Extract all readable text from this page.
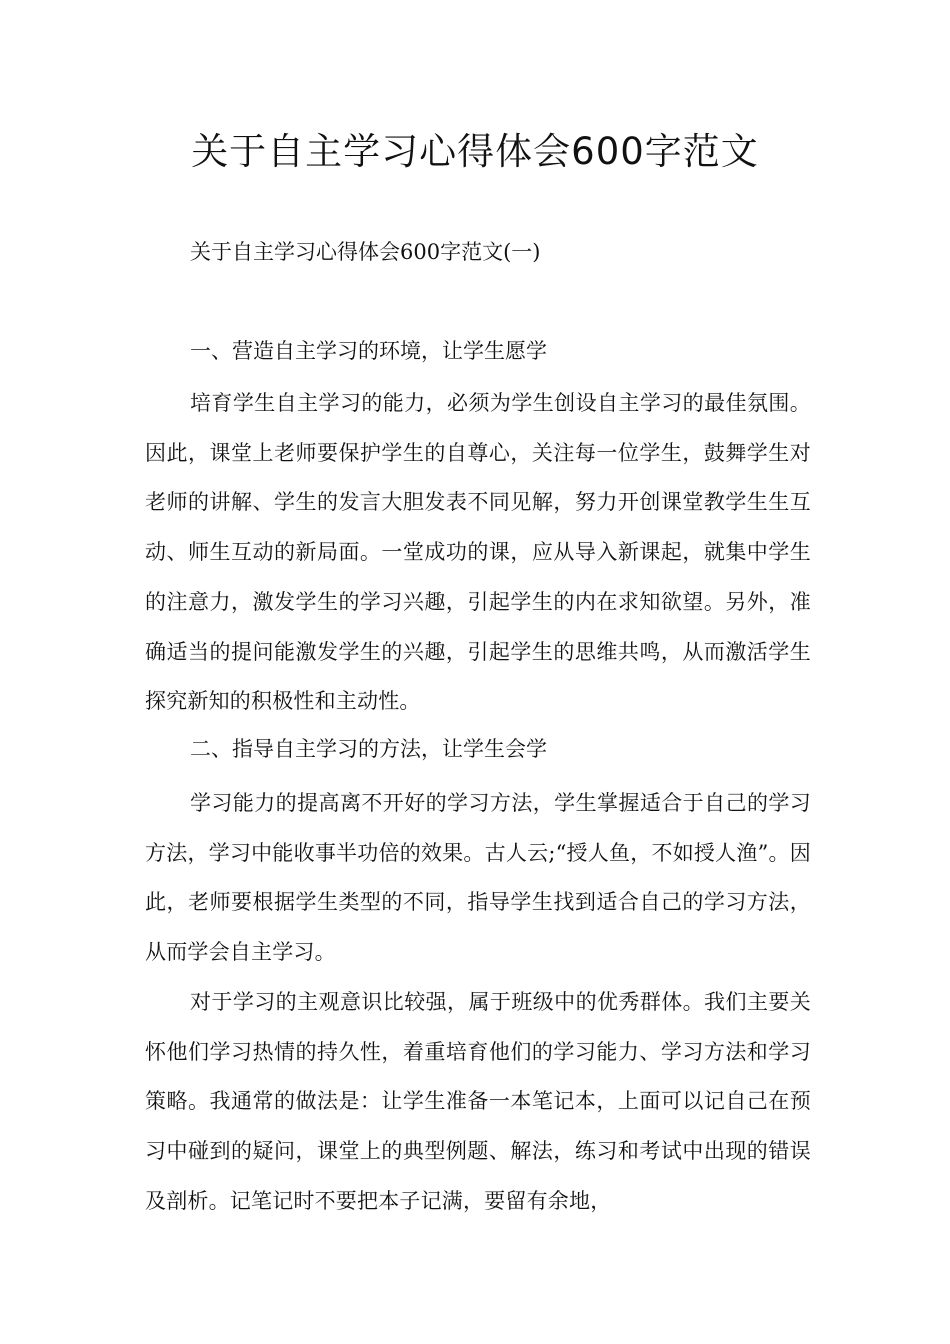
关于自主学习心得体会600字范文

关于自主学习心得体会600字范文(一)

一、营造自主学习的环境，让学生愿学

培育学生自主学习的能力，必须为学生创设自主学习的最佳氛围。因此，课堂上老师要保护学生的自尊心，关注每一位学生，鼓舞学生对老师的讲解、学生的发言大胆发表不同见解，努力开创课堂教学生生互动、师生互动的新局面。一堂成功的课，应从导入新课起，就集中学生的注意力，激发学生的学习兴趣，引起学生的内在求知欲望。另外，准确适当的提问能激发学生的兴趣，引起学生的思维共鸣，从而激活学生探究新知的积极性和主动性。

二、指导自主学习的方法，让学生会学

学习能力的提高离不开好的学习方法，学生掌握适合于自己的学习方法，学习中能收事半功倍的效果。古人云;“授人鱼，不如授人渔”。因此，老师要根据学生类型的不同，指导学生找到适合自己的学习方法，从而学会自主学习。

对于学习的主观意识比较强，属于班级中的优秀群体。我们主要关怀他们学习热情的持久性，着重培育他们的学习能力、学习方法和学习策略。我通常的做法是：让学生准备一本笔记本，上面可以记自己在预习中碰到的疑问，课堂上的典型例题、解法，练习和考试中出现的错误及剖析。记笔记时不要把本子记满，要留有余地，
